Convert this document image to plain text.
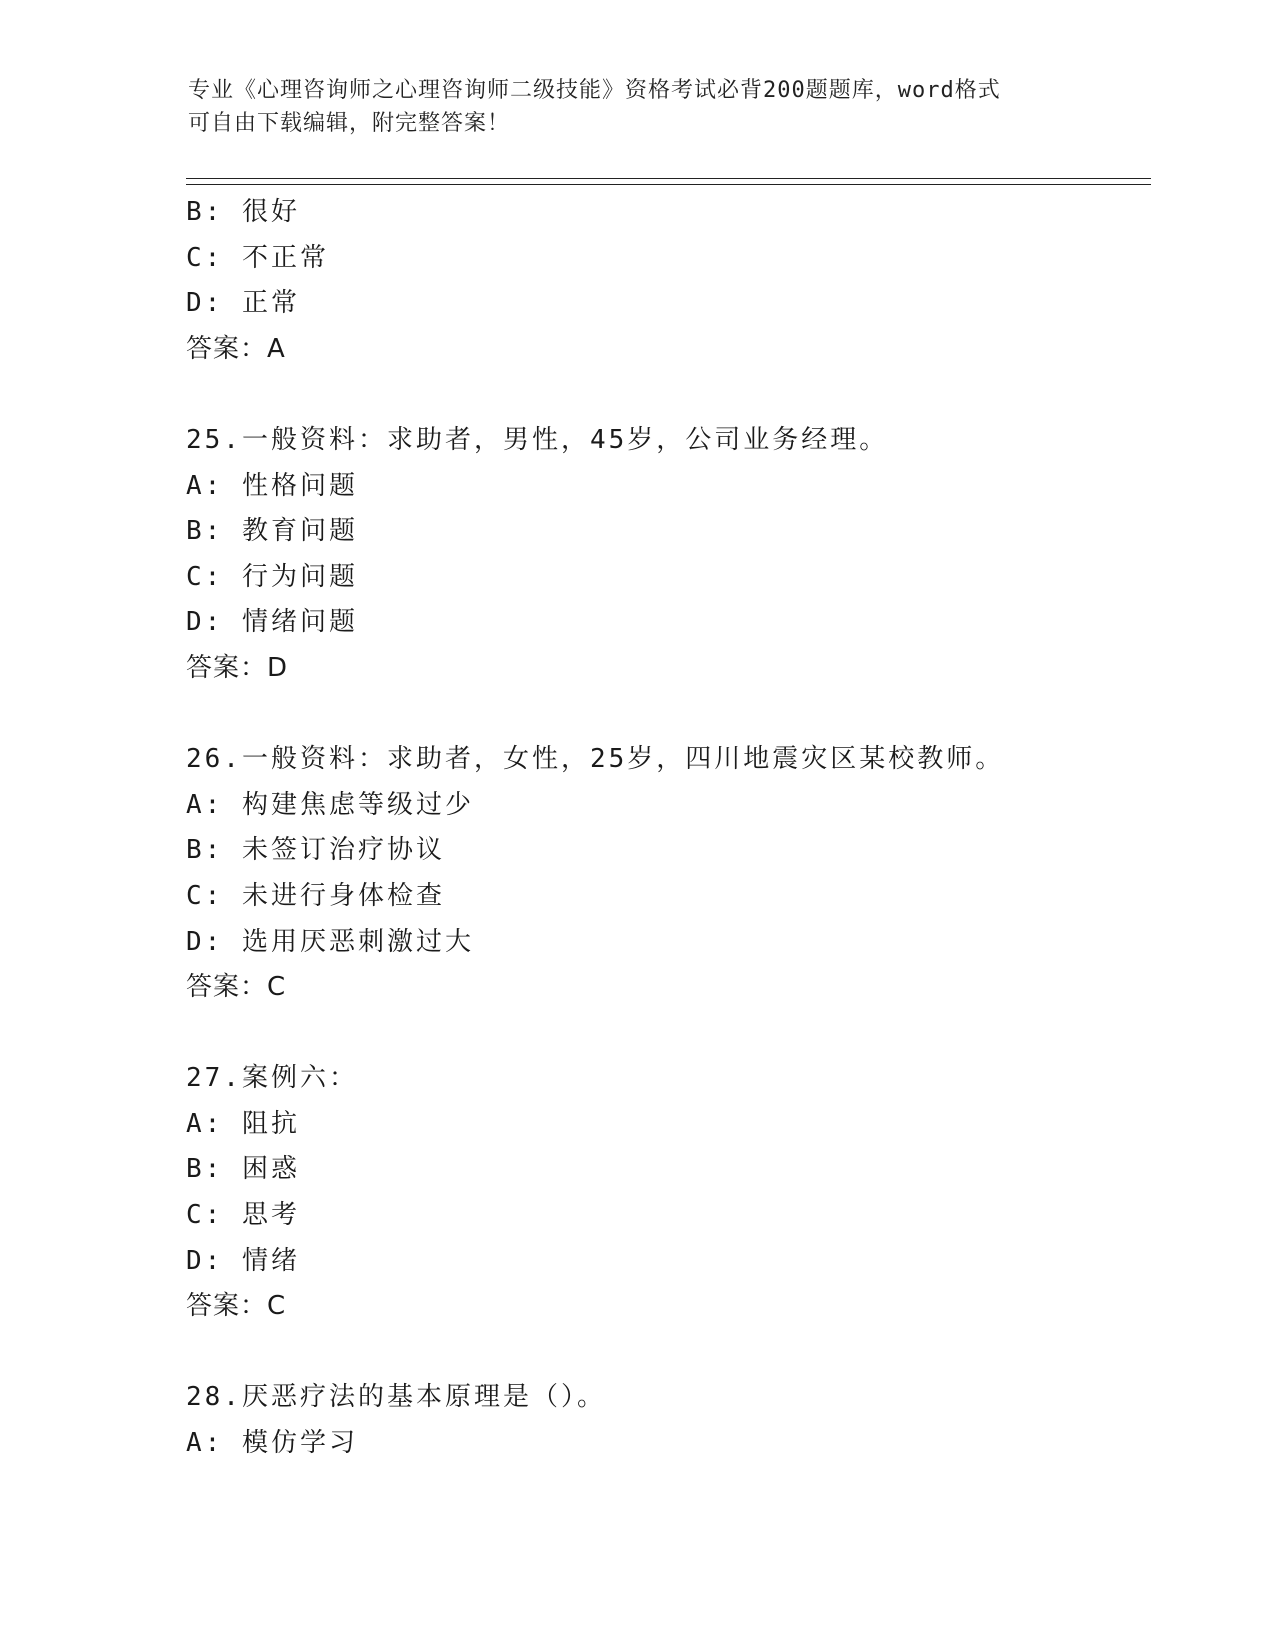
专业《心理咨询师之心理咨询师二级技能》资格考试必背200题题库，word格式
可自由下载编辑，附完整答案！
B: 很好
C: 不正常
D: 正常
答案：A
25.一般资料：求助者，男性，45岁，公司业务经理。
A: 性格问题
B: 教育问题
C: 行为问题
D: 情绪问题
答案：D
26.一般资料：求助者，女性，25岁，四川地震灾区某校教师。
A: 构建焦虑等级过少
B: 未签订治疗协议
C: 未进行身体检查
D: 选用厌恶刺激过大
答案：C
27.案例六：
A: 阻抗
B: 困惑
C: 思考
D: 情绪
答案：C
28.厌恶疗法的基本原理是（）。
A: 模仿学习
